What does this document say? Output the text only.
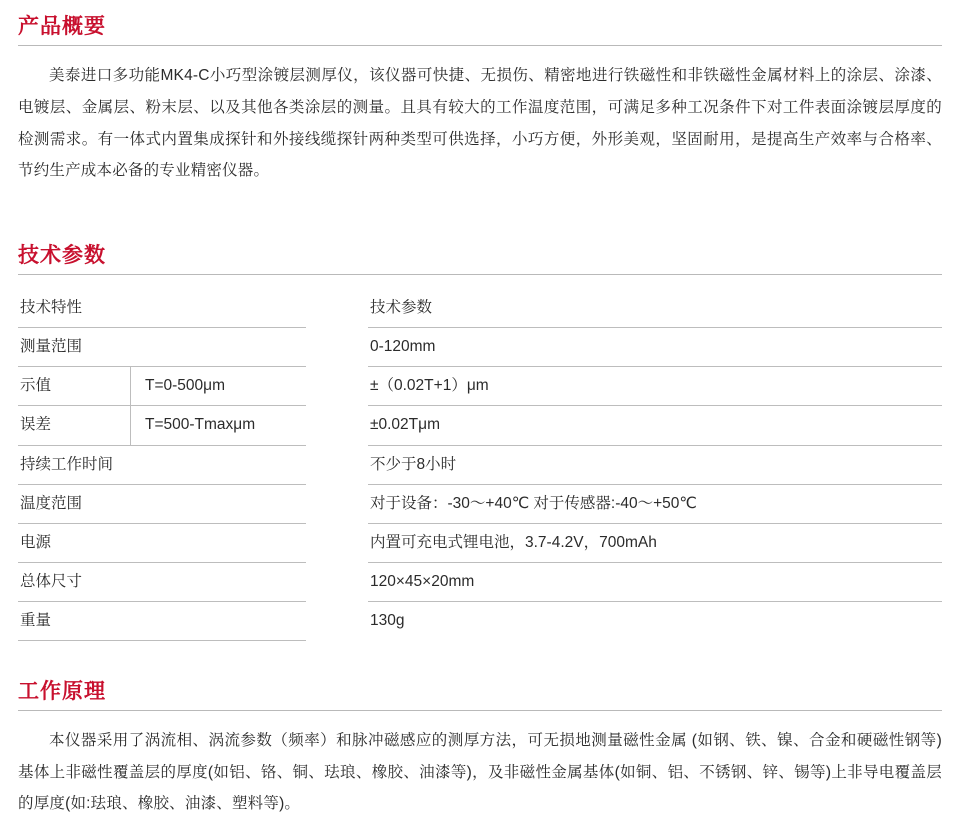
产品概要

美泰进口多功能MK4-C小巧型涂镀层测厚仪，该仪器可快捷、无损伤、精密地进行铁磁性和非铁磁性金属材料上的涂层、涂漆、电镀层、金属层、粉末层、以及其他各类涂层的测量。且具有较大的工作温度范围，可满足多种工况条件下对工件表面涂镀层厚度的检测需求。有一体式内置集成探针和外接线缆探针两种类型可供选择，小巧方便，外形美观，坚固耐用，是提高生产效率与合格率、节约生产成本必备的专业精密仪器。

技术参数
技术特性	技术参数
测量范围	0-120mm
示值	T=0-500μm	±（0.02T+1）μm
误差	T=500-Tmaxμm	±0.02Tμm
持续工作时间	不少于8小时
温度范围	对于设备：-30～+40℃ 对于传感器:-40～+50℃
电源	内置可充电式锂电池，3.7-4.2V，700mAh
总体尺寸	120×45×20mm
重量	130g
工作原理

本仪器采用了涡流相、涡流参数（频率）和脉冲磁感应的测厚方法，可无损地测量磁性金属 (如钢、铁、镍、合金和硬磁性钢等) 基体上非磁性覆盖层的厚度(如铝、铬、铜、珐琅、橡胶、油漆等)，及非磁性金属基体(如铜、铝、不锈钢、锌、锡等)上非导电覆盖层的厚度(如:珐琅、橡胶、油漆、塑料等)。
